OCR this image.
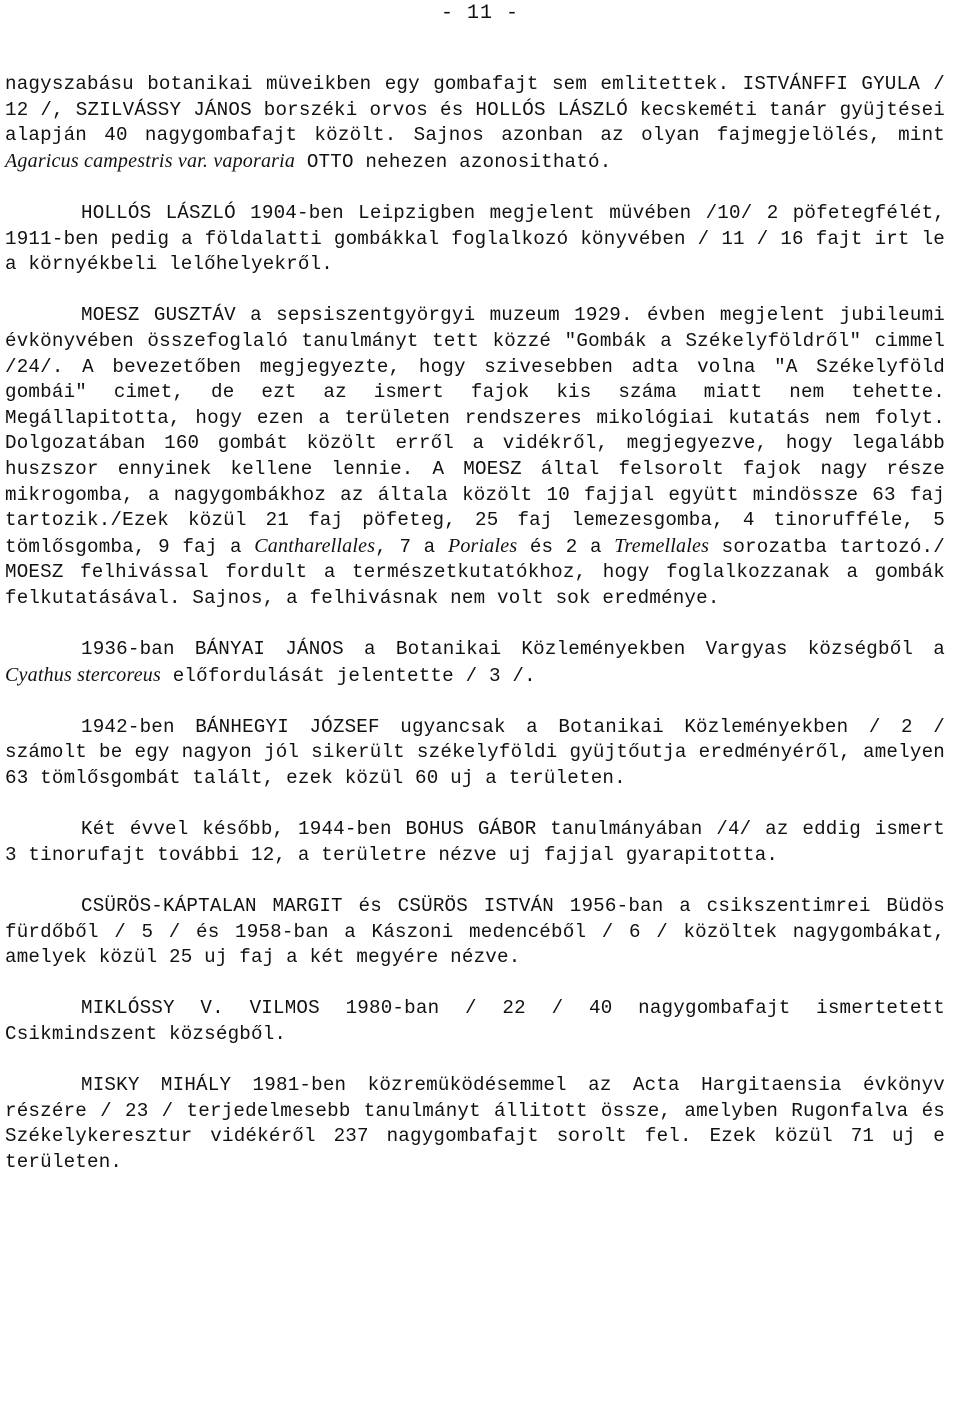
- 11 -

nagyszabásu botanikai müveikben egy gombafajt sem emlitettek. ISTVÁNFFI GYULA / 12 /, SZILVÁSSY JÁNOS borszéki orvos és HOLLÓS LÁSZLÓ kecskeméti tanár gyüjtései alapján 40 nagygombafajt közölt. Sajnos azonban az olyan fajmegjelölés, mint Agaricus campestris var. vaporaria OTTO nehezen azonositható.

HOLLÓS LÁSZLÓ 1904-ben Leipzigben megjelent müvében /10/ 2 pöfetegfélét, 1911-ben pedig a földalatti gombákkal foglalkozó könyvében / 11 / 16 fajt irt le a környékbeli lelőhelyekről.

MOESZ GUSZTÁV a sepsiszentgyörgyi muzeum 1929. évben megjelent jubileumi évkönyvében összefoglaló tanulmányt tett közzé "Gombák a Székelyföldről" cimmel /24/. A bevezetőben megjegyezte, hogy szivesebben adta volna "A Székelyföld gombái" cimet, de ezt az ismert fajok kis száma miatt nem tehette. Megállapitotta, hogy ezen a területen rendszeres mikológiai kutatás nem folyt. Dolgozatában 160 gombát közölt erről a vidékről, megjegyezve, hogy legalább huszszor ennyinek kellene lennie. A MOESZ által felsorolt fajok nagy része mikrogomba, a nagygombákhoz az általa közölt 10 fajjal együtt mindössze 63 faj tartozik./Ezek közül 21 faj pöfeteg, 25 faj lemezesgomba, 4 tinorufféle, 5 tömlősgomba, 9 faj a Cantharellales, 7 a Poriales és 2 a Tremellales sorozatba tartozó./ MOESZ felhivással fordult a természetkutatókhoz, hogy foglalkozzanak a gombák felkutatásával. Sajnos, a felhivásnak nem volt sok eredménye.

1936-ban BÁNYAI JÁNOS a Botanikai Közleményekben Vargyas községből a Cyathus stercoreus előfordulását jelentette / 3 /.

1942-ben BÁNHEGYI JÓZSEF ugyancsak a Botanikai Közleményekben / 2 / számolt be egy nagyon jól sikerült székelyföldi gyüjtőutja eredményéről, amelyen 63 tömlősgombát talált, ezek közül 60 uj a területen.

Két évvel később, 1944-ben BOHUS GÁBOR tanulmányában /4/ az eddig ismert 3 tinorufajt további 12, a területre nézve uj fajjal gyarapitotta.

CSÜRÖS-KÁPTALAN MARGIT és CSÜRÖS ISTVÁN 1956-ban a csikszentimrei Büdös fürdőből / 5 / és 1958-ban a Kászoni medencéből / 6 / közöltek nagygombákat, amelyek közül 25 uj faj a két megyére nézve.

MIKLÓSSY V. VILMOS 1980-ban / 22 / 40 nagygombafajt ismertetett Csikmindszent községből.

MISKY MIHÁLY 1981-ben közremüködésemmel az Acta Hargitaensia évkönyv részére / 23 / terjedelmesebb tanulmányt állitott össze, amelyben Rugonfalva és Székelykeresztur vidékéről 237 nagygombafajt sorolt fel. Ezek közül 71 uj e területen.
